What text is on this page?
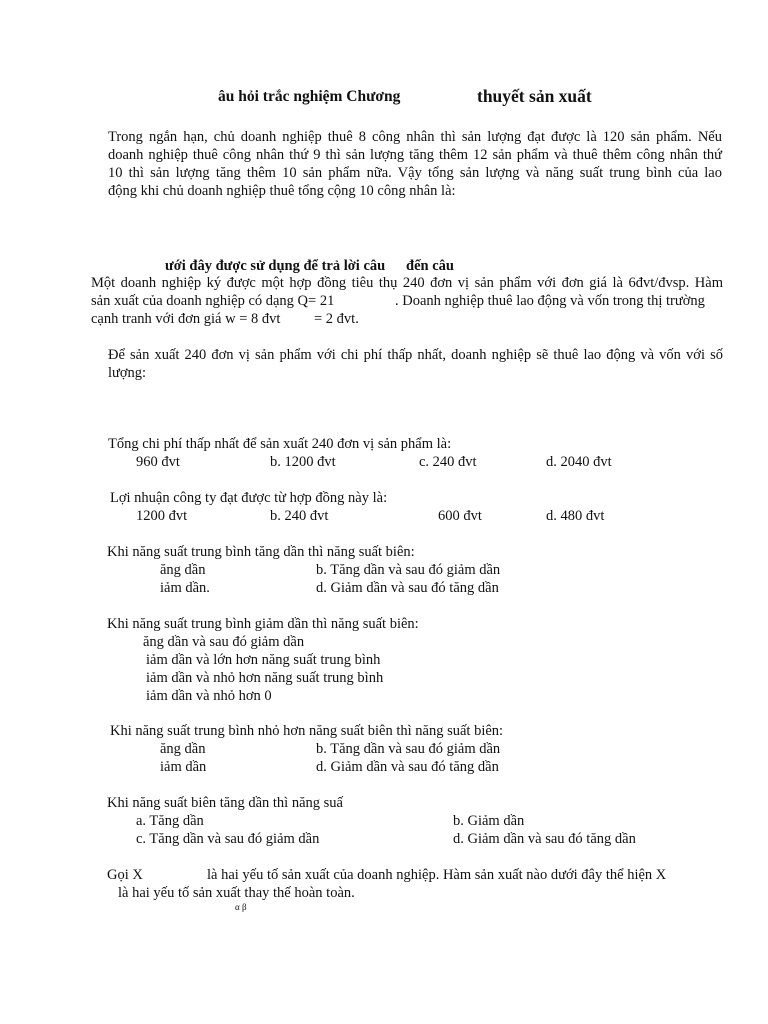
âu hỏi trắc nghiệm Chương	thuyết sản xuất
Trong ngắn hạn, chủ doanh nghiệp thuê 8 công nhân thì sản lượng đạt được là 120 sản phẩm. Nếu
doanh nghiệp thuê công nhân thứ 9 thì sản lượng tăng thêm 12 sản phẩm và thuê thêm công nhân thứ
10 thì sản lượng tăng thêm 10 sản phẩm nữa. Vậy tổng sản lượng và năng suất trung bình của lao
động khi chủ doanh nghiệp thuê tổng cộng 10 công nhân là:
ưới đây được sử dụng để trả lời câu đến câu
Một doanh nghiệp ký được một hợp đồng tiêu thụ 240 đơn vị sản phẩm với đơn giá là 6đvt/đvsp. Hàm
sản xuất của doanh nghiệp có dạng Q= 21	. Doanh nghiệp thuê lao động và vốn trong thị trường
cạnh tranh với đơn giá w = 8 đvt = 2 đvt.
Để sản xuất 240 đơn vị sản phẩm với chi phí thấp nhất, doanh nghiệp sẽ thuê lao động và vốn với số
lượng:
Tổng chi phí thấp nhất để sản xuất 240 đơn vị sản phẩm là:
960 đvt	b. 1200 đvt	c. 240 đvt	d. 2040 đvt
Lợi nhuận công ty đạt được từ hợp đồng này là:
1200 đvt	b. 240 đvt	600 đvt	d. 480 đvt
Khi năng suất trung bình tăng dần thì năng suất biên:
ăng dần	b. Tăng dần và sau đó giảm dần
iảm dần.	d. Giảm dần và sau đó tăng dần
Khi năng suất trung bình giảm dần thì năng suất biên:
ăng dần và sau đó giảm dần
iảm dần và lớn hơn năng suất trung bình
iảm dần và nhỏ hơn năng suất trung bình
iảm dần và nhỏ hơn 0
Khi năng suất trung bình nhỏ hơn năng suất biên thì năng suất biên:
ăng dần	b. Tăng dần và sau đó giảm dần
iảm dần	d. Giảm dần và sau đó tăng dần
Khi năng suất biên tăng dần thì năng suấ
a. Tăng dần	b. Giảm dần
c. Tăng dần và sau đó giảm dần	d. Giảm dần và sau đó tăng dần
Gọi X	là hai yếu tố sản xuất của doanh nghiệp. Hàm sản xuất nào dưới đây thể hiện X
là hai yếu tố sản xuất thay thế hoàn toàn.
α β
